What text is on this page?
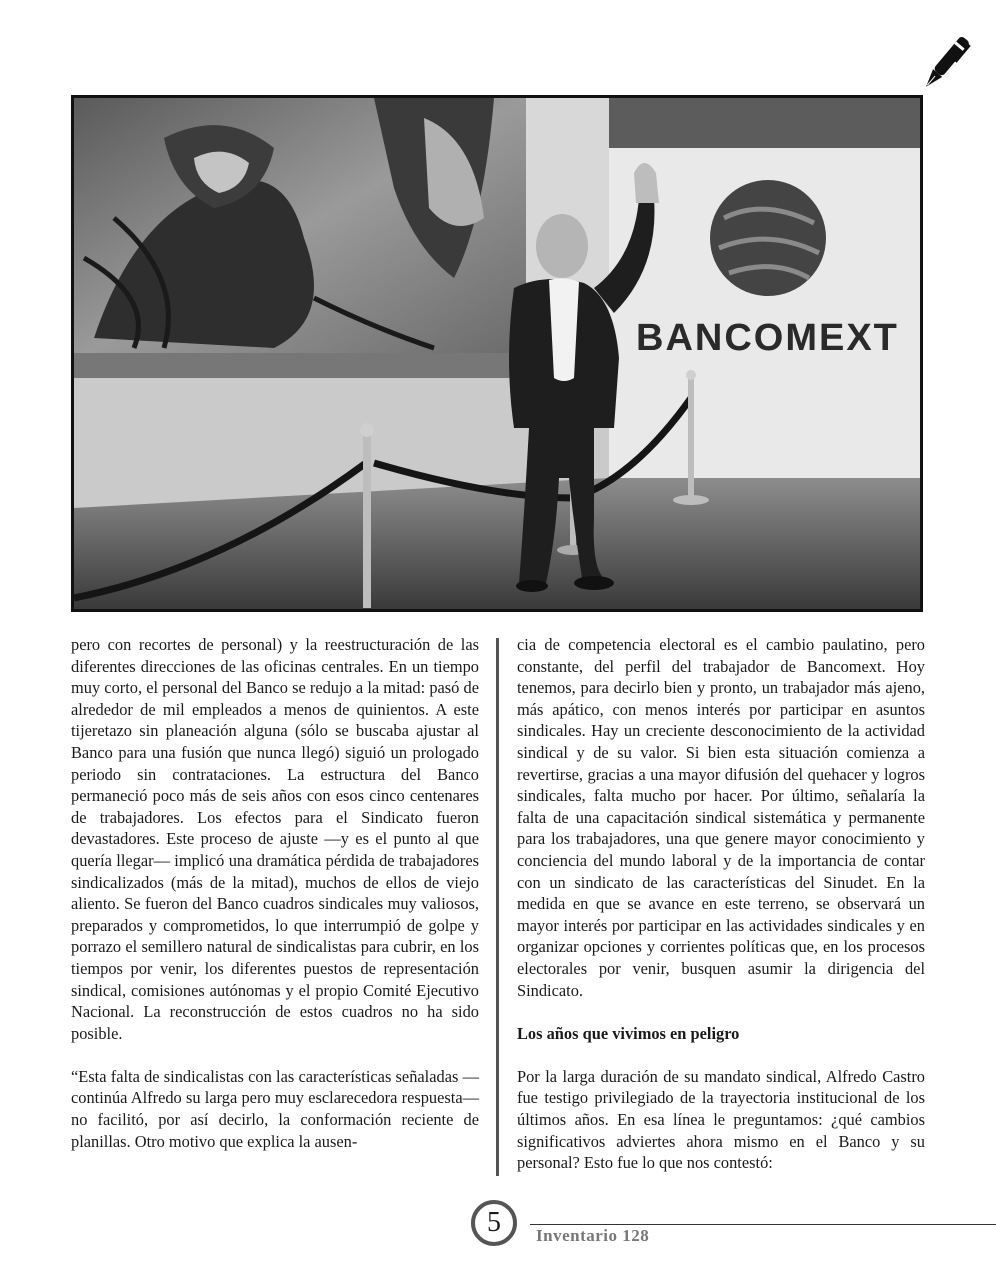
BANCOMEXT

pero con recortes de personal) y la reestructuración de las diferentes direcciones de las oficinas centrales. En un tiempo muy corto, el personal del Banco se redujo a la mitad: pasó de alrededor de mil empleados a menos de quinientos. A este tijeretazo sin planeación alguna (sólo se buscaba ajustar al Banco para una fusión que nunca llegó) siguió un prologado periodo sin contrataciones. La estructura del Banco permaneció poco más de seis años con esos cinco centenares de trabajadores. Los efectos para el Sindicato fueron devastadores. Este proceso de ajuste —y es el punto al que quería llegar— implicó una dramática pérdida de trabajadores sindicalizados (más de la mitad), muchos de ellos de viejo aliento. Se fueron del Banco cuadros sindicales muy valiosos, preparados y comprometidos, lo que interrumpió de golpe y porrazo el semillero natural de sindicalistas para cubrir, en los tiempos por venir, los diferentes puestos de representación sindical, comisiones autónomas y el propio Comité Ejecutivo Nacional. La reconstrucción de estos cuadros no ha sido posible.

“Esta falta de sindicalistas con las características señaladas —continúa Alfredo su larga pero muy esclarecedora respuesta— no facilitó, por así decirlo, la conformación reciente de planillas. Otro motivo que explica la ausen-

cia de competencia electoral es el cambio paulatino, pero constante, del perfil del trabajador de Bancomext. Hoy tenemos, para decirlo bien y pronto, un trabajador más ajeno, más apático, con menos interés por participar en asuntos sindicales. Hay un creciente desconocimiento de la actividad sindical y de su valor. Si bien esta situación comienza a revertirse, gracias a una mayor difusión del quehacer y logros sindicales, falta mucho por hacer. Por último, señalaría la falta de una capacitación sindical sistemática y permanente para los trabajadores, una que genere mayor conocimiento y conciencia del mundo laboral y de la importancia de contar con un sindicato de las características del Sinudet. En la medida en que se avance en este terreno, se observará un mayor interés por participar en las actividades sindicales y en organizar opciones y corrientes políticas que, en los procesos electorales por venir, busquen asumir la dirigencia del Sindicato.

Los años que vivimos en peligro

Por la larga duración de su mandato sindical, Alfredo Castro fue testigo privilegiado de la trayectoria institucional de los últimos años. En esa línea le preguntamos: ¿qué cambios significativos adviertes ahora mismo en el Banco y su personal? Esto fue lo que nos contestó:

5	Inventario 128
